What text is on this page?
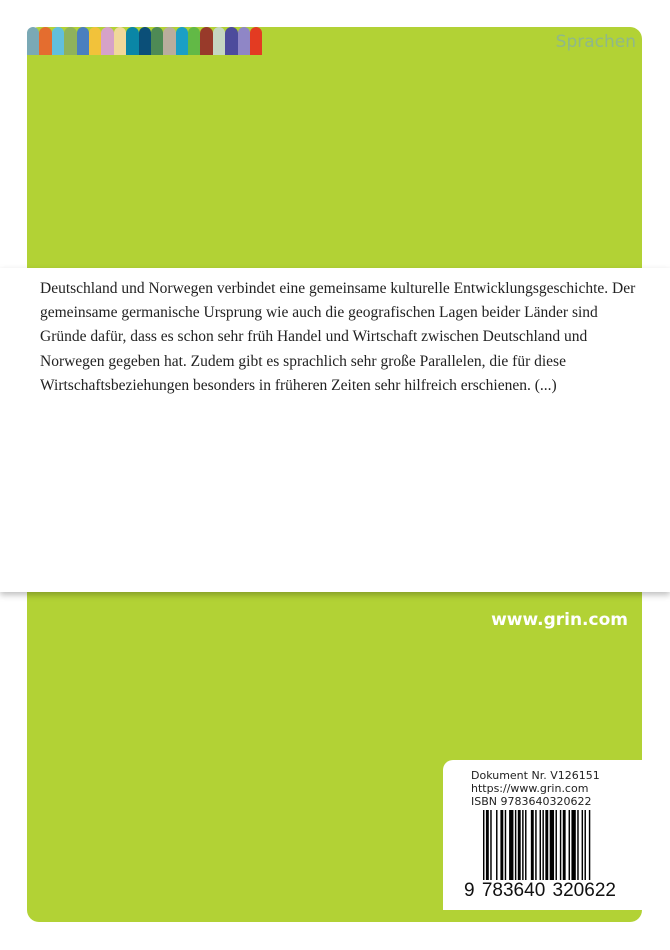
Sprachen
Deutschland und Norwegen verbindet eine gemeinsame kulturelle Entwicklungsgeschichte. Der gemeinsame germanische Ursprung wie auch die geografischen Lagen beider Länder sind Gründe dafür, dass es schon sehr früh Handel und Wirtschaft zwischen Deutschland und Norwegen gegeben hat. Zudem gibt es sprachlich sehr große Parallelen, die für diese Wirtschaftsbeziehungen besonders in früheren Zeiten sehr hilfreich erschienen. (...)
www.grin.com
Dokument Nr. V126151
https://www.grin.com
ISBN 9783640320622
9 783640 320622
